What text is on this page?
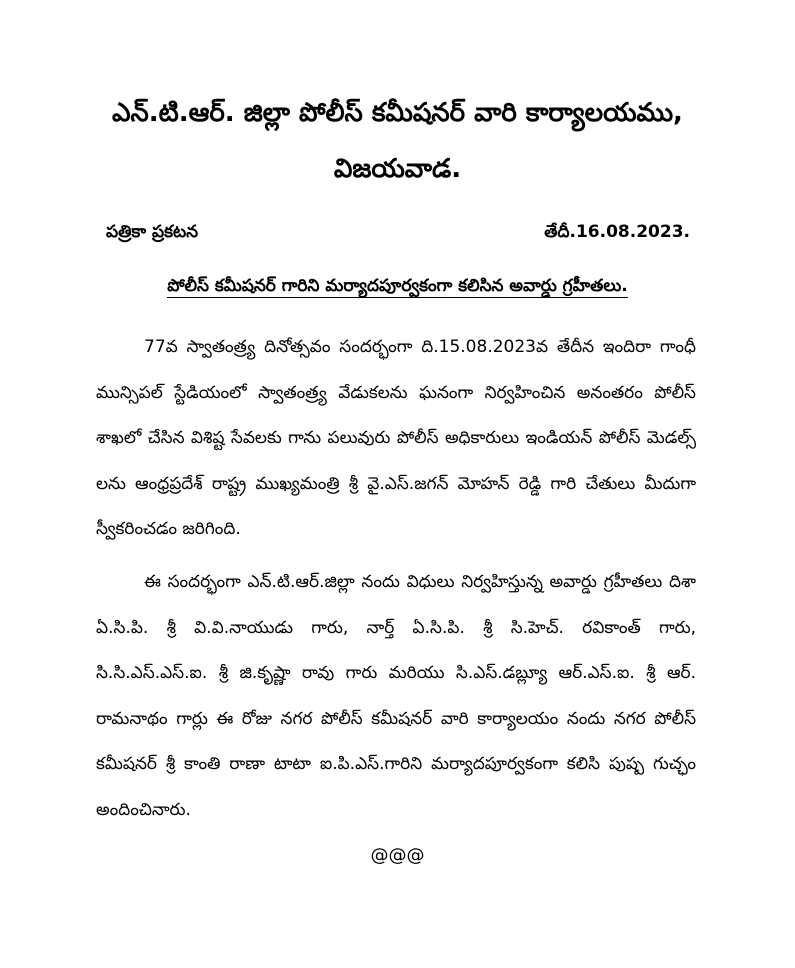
ఎన్.టి.ఆర్. జిల్లా పోలీస్ కమీషనర్ వారి కార్యాలయము,
విజయవాడ.
పత్రికా ప్రకటన	తేదీ.16.08.2023.
పోలీస్ కమీషనర్ గారిని మర్యాదపూర్వకంగా కలిసిన అవార్డు గ్రహీతలు.
77వ స్వాతంత్ర్య దినోత్సవం సందర్భంగా ది.15.08.2023వ తేదీన ఇందిరా గాంధీ మున్సిపల్ స్టేడియంలో స్వాతంత్ర్య వేడుకలను ఘనంగా నిర్వహించిన అనంతరం పోలీస్ శాఖలో చేసిన విశిష్ట సేవలకు గాను పలువురు పోలీస్ అధికారులు ఇండియన్ పోలీస్ మెడల్స్ లను ఆంధ్రప్రదేశ్ రాష్ట్ర ముఖ్యమంత్రి శ్రీ వై.ఎస్.జగన్ మోహన్ రెడ్డి గారి చేతులు మీదుగా స్వీకరించడం జరిగింది.
ఈ సందర్భంగా ఎన్.టి.ఆర్.జిల్లా నందు విధులు నిర్వహిస్తున్న అవార్డు గ్రహీతలు దిశా ఏ.సి.పి. శ్రీ వి.వి.నాయుడు గారు, నార్త్ ఏ.సి.పి. శ్రీ సి.హెచ్. రవికాంత్ గారు, సి.సి.ఎస్.ఎస్.ఐ. శ్రీ జి.కృష్ణా రావు గారు మరియు సి.ఎస్.డబ్ల్యూ ఆర్.ఎస్.ఐ. శ్రీ ఆర్. రామనాథం గార్లు ఈ రోజు నగర పోలీస్ కమీషనర్ వారి కార్యాలయం నందు నగర పోలీస్ కమీషనర్ శ్రీ కాంతి రాణా టాటా ఐ.పి.ఎస్.గారిని మర్యాదపూర్వకంగా కలిసి పుష్ప గుచ్ఛం అందించినారు.
@@@
